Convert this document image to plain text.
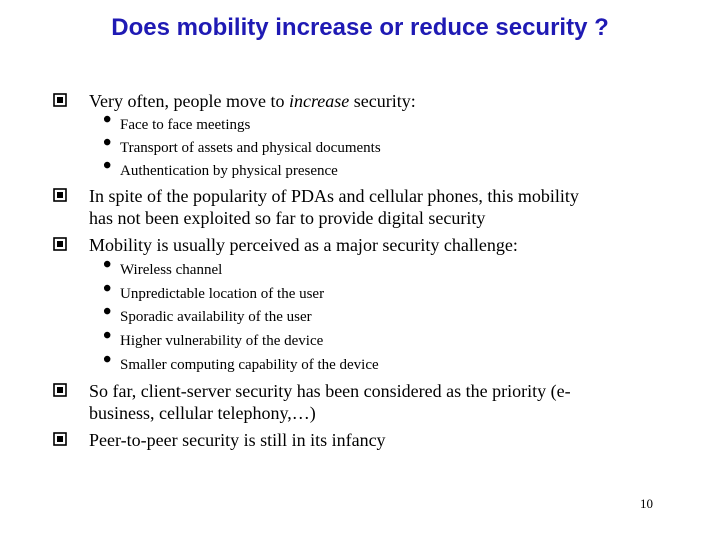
Does mobility increase or reduce security ?
Very often, people move to increase security:
• Face to face meetings
• Transport of assets and physical documents
• Authentication by physical presence
In spite of the popularity of PDAs and cellular phones, this mobility
has not been exploited so far to provide digital security
Mobility is usually perceived as a major security challenge:
• Wireless channel
• Unpredictable location of the user
• Sporadic availability of the user
• Higher vulnerability of the device
• Smaller computing capability of the device
So far, client-server security has been considered as the priority (e-
business, cellular telephony,…)
Peer-to-peer security is still in its infancy
10
